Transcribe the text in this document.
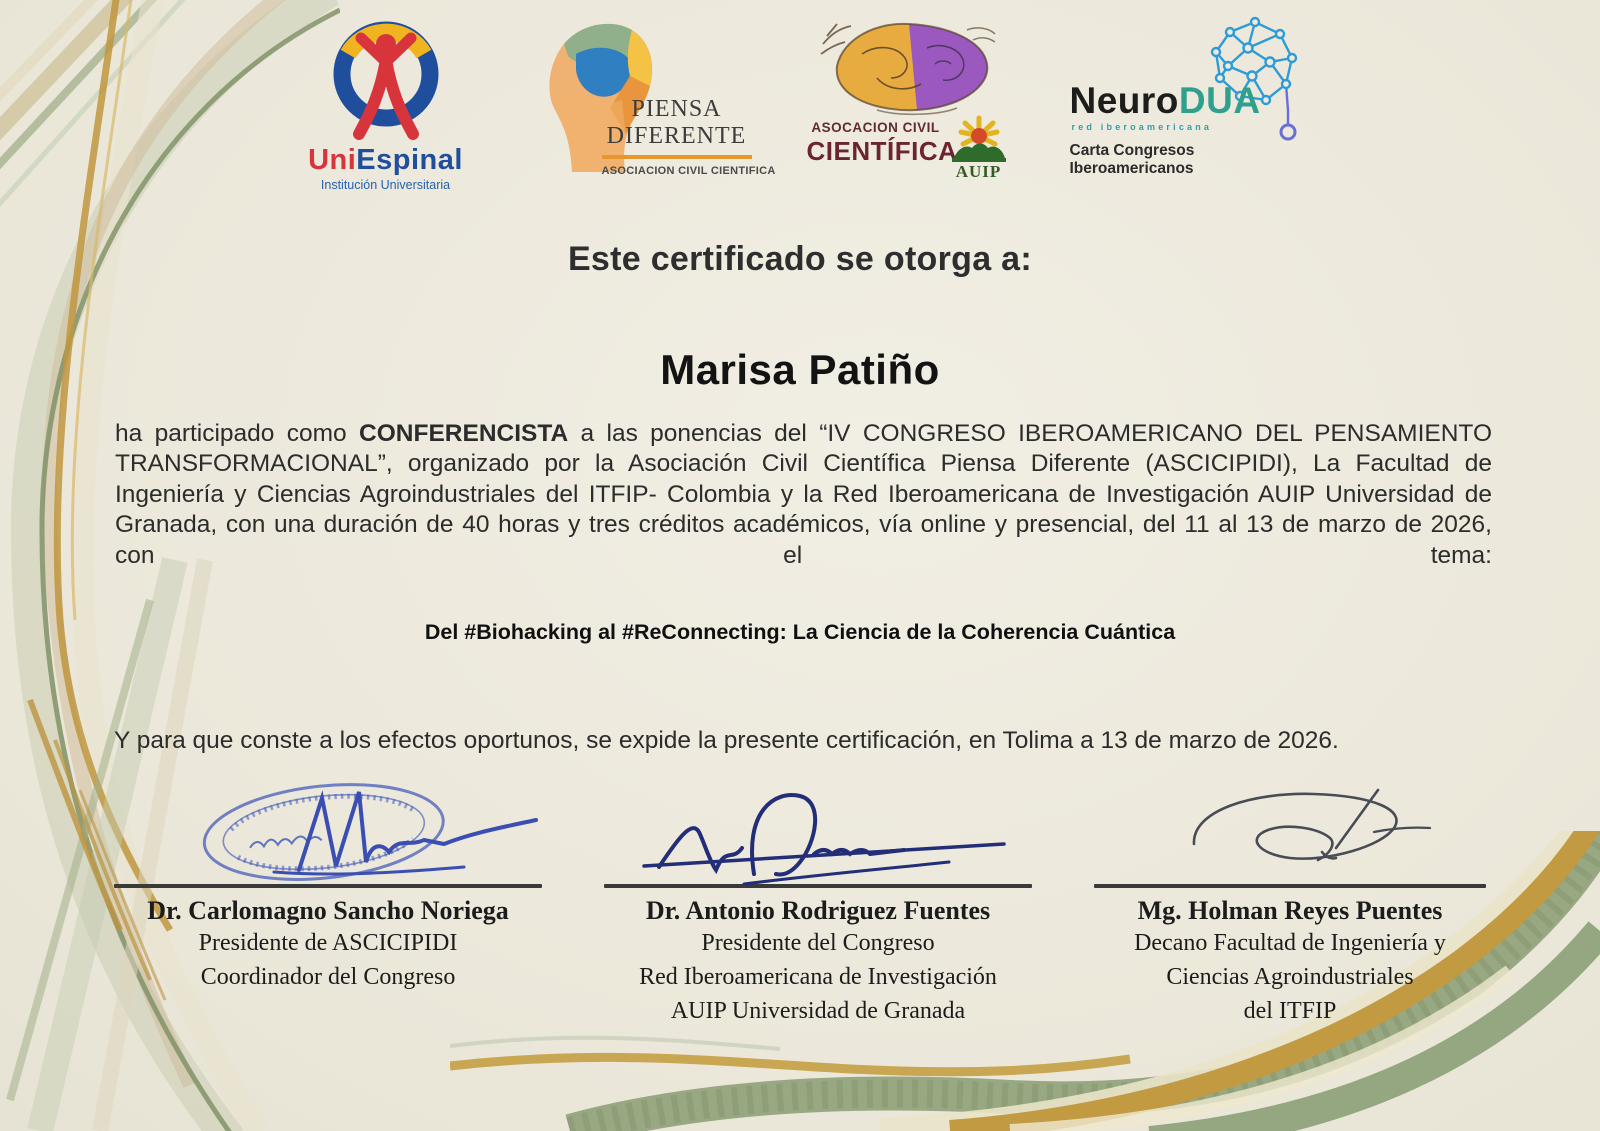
UniEspinal
Institución Universitaria
PIENSA
DIFERENTE
ASOCIACION CIVIL CIENTIFICA
ASOCACION CIVIL
CIENTÍFICA
AUIP
NeuroDUA
red iberoamericana
Carta Congresos Iberoamericanos
Este certificado se otorga a:
Marisa Patiño

ha participado como CONFERENCISTA a las ponencias del “IV CONGRESO IBEROAMERICANO DEL PENSAMIENTO TRANSFORMACIONAL”, organizado por la Asociación Civil Científica Piensa Diferente (ASCICIPIDI), La Facultad de Ingeniería y Ciencias Agroindustriales del ITFIP- Colombia y la Red Iberoamericana de Investigación AUIP Universidad de Granada, con una duración de 40 horas y tres créditos académicos, vía online y presencial, del 11 al 13 de marzo de 2026, con el tema:

Del #Biohacking al #ReConnecting: La Ciencia de la Coherencia Cuántica
Y para que conste a los efectos oportunos, se expide la presente certificación, en Tolima a 13 de marzo de 2026.
Dr. Carlomagno Sancho Noriega
Presidente de ASCICIPIDI
Coordinador del Congreso
Dr. Antonio Rodriguez Fuentes
Presidente del Congreso
Red Iberoamericana de Investigación
AUIP Universidad de Granada
Mg. Holman Reyes Puentes
Decano Facultad de Ingeniería y
Ciencias Agroindustriales
del ITFIP
